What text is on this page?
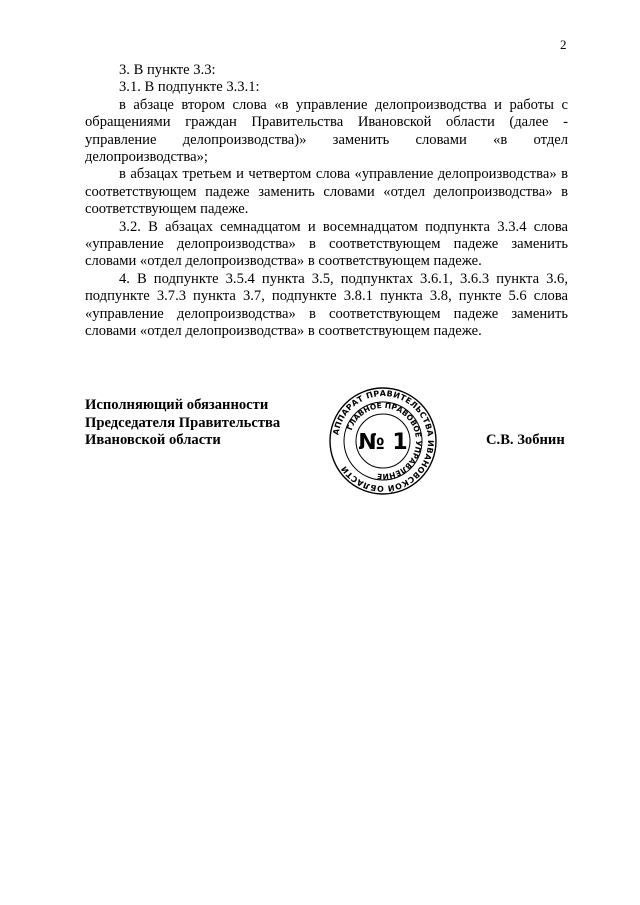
2

3. В пункте 3.3:

3.1. В подпункте 3.3.1:

в абзаце втором слова «в управление делопроизводства и работы с обращениями граждан Правительства Ивановской области (далее - управление делопроизводства)» заменить словами «в отдел делопроизводства»;

в абзацах третьем и четвертом слова «управление делопроизводства» в соответствующем падеже заменить словами «отдел делопроизводства» в соответствующем падеже.

3.2. В абзацах семнадцатом и восемнадцатом подпункта 3.3.4 слова «управление делопроизводства» в соответствующем падеже заменить словами «отдел делопроизводства» в соответствующем падеже.

4. В подпункте 3.5.4 пункта 3.5, подпунктах 3.6.1, 3.6.3 пункта 3.6, подпункте 3.7.3 пункта 3.7, подпункте 3.8.1 пункта 3.8, пункте 5.6 слова «управление делопроизводства» в соответствующем падеже заменить словами «отдел делопроизводства» в соответствующем падеже.

Исполняющий обязанности
Председателя Правительства
Ивановской области
АППАРАТ ПРАВИТЕЛЬСТВА ИВАНОВСКОЙ ОБЛАСТИ
ГЛАВНОЕ ПРАВОВОЕ УПРАВЛЕНИЕ
№ 1	С.В. Зобнин
